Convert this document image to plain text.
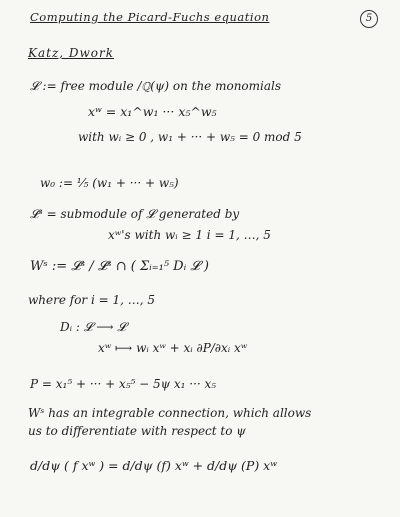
Computing the Picard-Fuchs equation	5
Katz, Dwork
𝓛 := free module /ℚ(ψ) on the monomials
xʷ = x₁^w₁ ··· x₅^w₅
with wᵢ ≥ 0 , w₁ + ··· + w₅ = 0 mod 5
w₀ := ⅕ (w₁ + ··· + w₅)
𝓛ˢ = submodule of 𝓛 generated by
xʷ's with wᵢ ≥ 1 i = 1, …, 5
Wˢ := 𝓛ˢ / 𝓛ˢ ∩ ( Σᵢ₌₁⁵ Dᵢ 𝓛 )
where for i = 1, …, 5
Dᵢ : 𝓛 ⟶ 𝓛
xʷ ⟼ wᵢ xʷ + xᵢ ∂P/∂xᵢ xʷ
P = x₁⁵ + ··· + x₅⁵ − 5ψ x₁ ··· x₅
Wˢ has an integrable connection, which allows
us to differentiate with respect to ψ
d/dψ ( f xʷ ) = d/dψ (f) xʷ + d/dψ (P) xʷ
